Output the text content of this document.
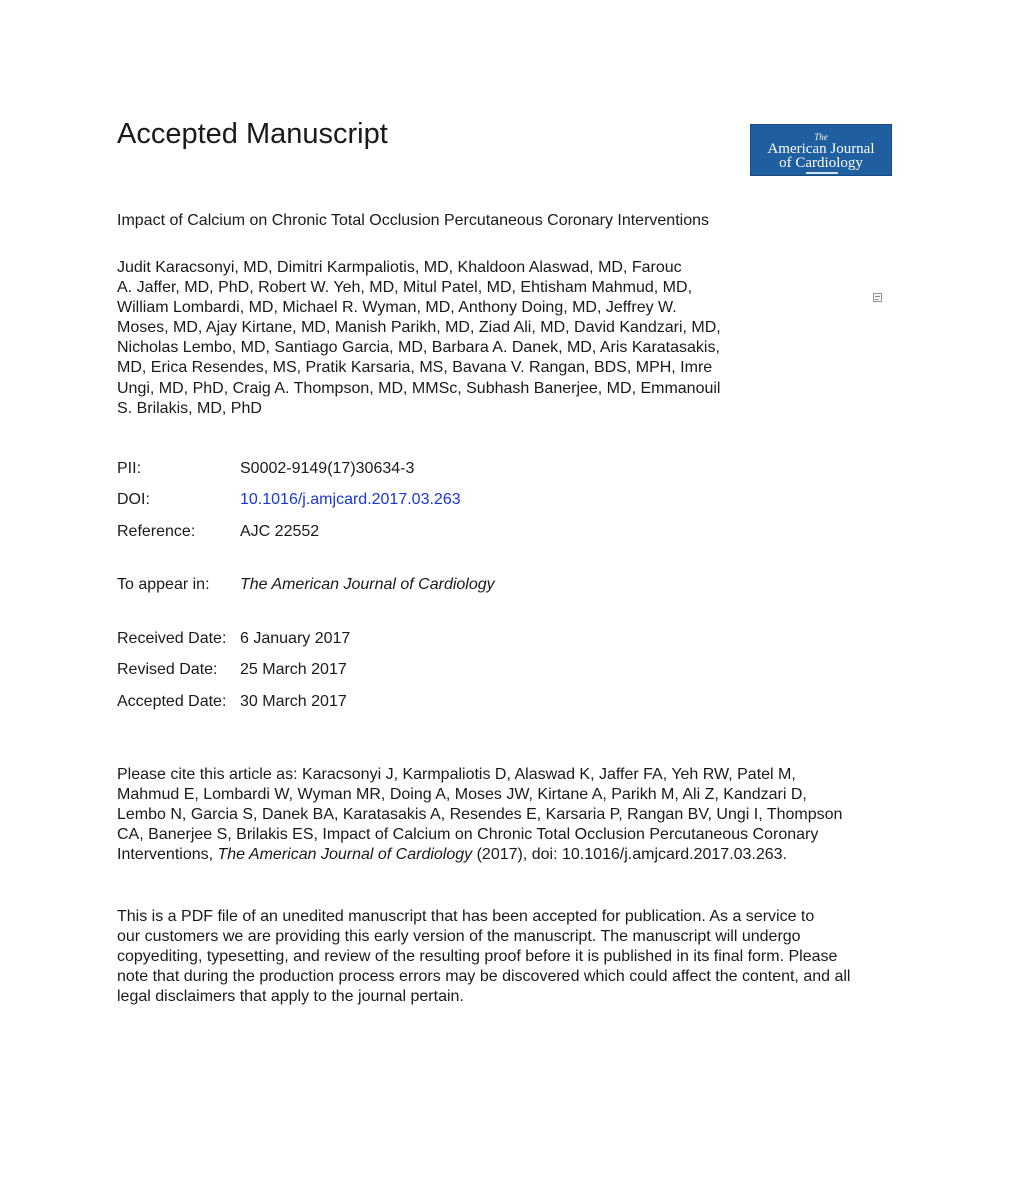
Accepted Manuscript	The
American Journal
of Cardiology
Impact of Calcium on Chronic Total Occlusion Percutaneous Coronary Interventions
Judit Karacsonyi, MD, Dimitri Karmpaliotis, MD, Khaldoon Alaswad, MD, Farouc
A. Jaffer, MD, PhD, Robert W. Yeh, MD, Mitul Patel, MD, Ehtisham Mahmud, MD,
William Lombardi, MD, Michael R. Wyman, MD, Anthony Doing, MD, Jeffrey W.
Moses, MD, Ajay Kirtane, MD, Manish Parikh, MD, Ziad Ali, MD, David Kandzari, MD,
Nicholas Lembo, MD, Santiago Garcia, MD, Barbara A. Danek, MD, Aris Karatasakis,
MD, Erica Resendes, MS, Pratik Karsaria, MS, Bavana V. Rangan, BDS, MPH, Imre
Ungi, MD, PhD, Craig A. Thompson, MD, MMSc, Subhash Banerjee, MD, Emmanouil
S. Brilakis, MD, PhD
PII:	S0002-9149(17)30634-3
DOI:	10.1016/j.amjcard.2017.03.263
Reference:	AJC 22552
To appear in: The American Journal of Cardiology
Received Date: 6 January 2017
Revised Date: 25 March 2017
Accepted Date: 30 March 2017
Please cite this article as: Karacsonyi J, Karmpaliotis D, Alaswad K, Jaffer FA, Yeh RW, Patel M,
Mahmud E, Lombardi W, Wyman MR, Doing A, Moses JW, Kirtane A, Parikh M, Ali Z, Kandzari D,
Lembo N, Garcia S, Danek BA, Karatasakis A, Resendes E, Karsaria P, Rangan BV, Ungi I, Thompson
CA, Banerjee S, Brilakis ES, Impact of Calcium on Chronic Total Occlusion Percutaneous Coronary
Interventions, The American Journal of Cardiology (2017), doi: 10.1016/j.amjcard.2017.03.263.
This is a PDF file of an unedited manuscript that has been accepted for publication. As a service to
our customers we are providing this early version of the manuscript. The manuscript will undergo
copyediting, typesetting, and review of the resulting proof before it is published in its final form. Please
note that during the production process errors may be discovered which could affect the content, and all
legal disclaimers that apply to the journal pertain.
